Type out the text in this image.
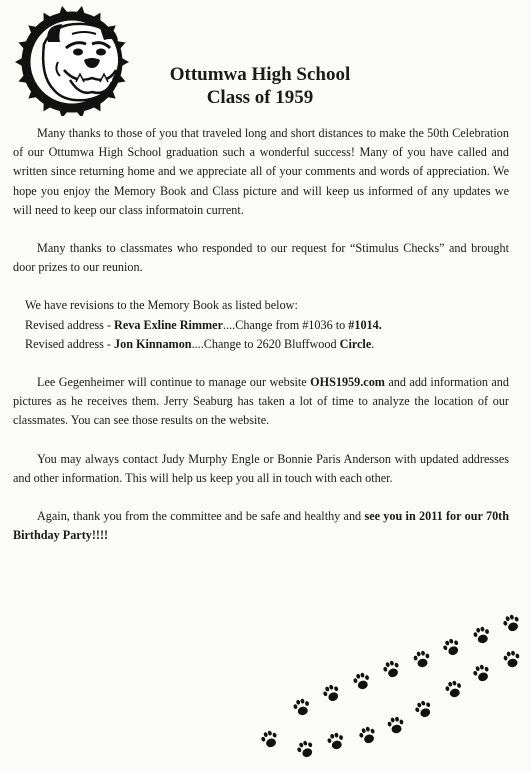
Ottumwa High School
Class of 1959

Many thanks to those of you that traveled long and short distances to make the 50th Celebration of our Ottumwa High School graduation such a wonderful success! Many of you have called and written since returning home and we appreciate all of your comments and words of appreciation. We hope you enjoy the Memory Book and Class picture and will keep us informed of any updates we will need to keep our class informatoin current.

Many thanks to classmates who responded to our request for “Stimulus Checks” and brought door prizes to our reunion.

We have revisions to the Memory Book as listed below:
Revised address - Reva Exline Rimmer....Change from #1036 to #1014.
Revised address - Jon Kinnamon....Change to 2620 Bluffwood Circle.

Lee Gegenheimer will continue to manage our website OHS1959.com and add information and pictures as he receives them. Jerry Seaburg has taken a lot of time to analyze the location of our classmates. You can see those results on the website.

You may always contact Judy Murphy Engle or Bonnie Paris Anderson with updated addresses and other information. This will help us keep you all in touch with each other.

Again, thank you from the committee and be safe and healthy and see you in 2011 for our 70th Birthday Party!!!!
